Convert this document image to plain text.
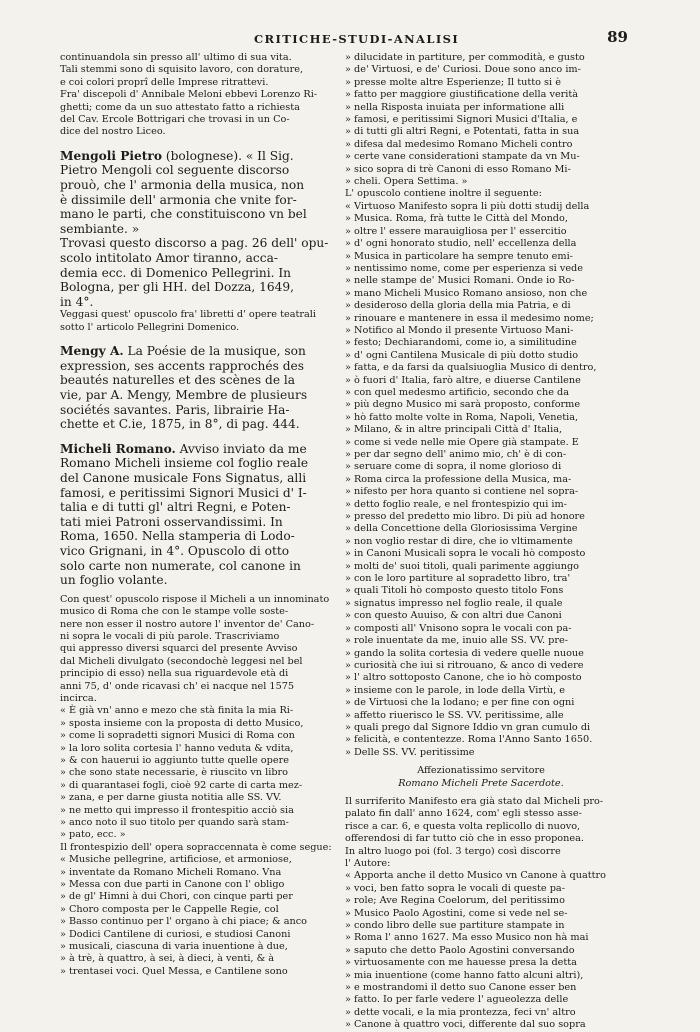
CRITICHE-STUDI-ANALISI	89

continuandola sin presso all' ultimo di sua vita.
Tali stemmi sono di squisito lavoro, con dorature,
e coi colori proprî delle Imprese ritrattevi.

Fra' discepoli d' Annibale Meloni ebbevi Lorenzo Ri-
ghetti; come da un suo attestato fatto a richiesta
del Cav. Ercole Bottrigari che trovasi in un Co-
dice del nostro Liceo.

Mengoli Pietro (bolognese). « Il Sig.
Pietro Mengoli col seguente discorso
prouò, che l' armonia della musica, non
è dissimile dell' armonia che vnite for-
mano le parti, che constituiscono vn bel
sembiante. »

Trovasi questo discorso a pag. 26 dell' opu-
scolo intitolato Amor tiranno, acca-
demia ecc. di Domenico Pellegrini. In
Bologna, per gli HH. del Dozza, 1649,
in 4°.

Veggasi quest' opuscolo fra' libretti d' opere teatrali
sotto l' articolo Pellegrini Domenico.

Mengy A. La Poésie de la musique, son
expression, ses accents rapprochés des
beautés naturelles et des scènes de la
vie, par A. Mengy, Membre de plusieurs
sociétés savantes. Paris, librairie Ha-
chette et C.ie, 1875, in 8°, di pag. 444.

Micheli Romano. Avviso inviato da me
Romano Micheli insieme col foglio reale
del Canone musicale Fons Signatus, alli
famosi, e peritissimi Signori Musici d' I-
talia e di tutti gl' altri Regni, e Poten-
tati miei Patroni osservandissimi. In
Roma, 1650. Nella stamperia di Lodo-
vico Grignani, in 4°. Opuscolo di otto
solo carte non numerate, col canone in
un foglio volante.

Con quest' opuscolo rispose il Micheli a un innominato
musico di Roma che con le stampe volle soste-
nere non esser il nostro autore l' inventor de' Cano-
ni sopra le vocali di più parole. Trascriviamo
qui appresso diversi squarci del presente Avviso
dal Micheli divulgato (secondochè leggesi nel bel
principio di esso) nella sua riguardevole età di
anni 75, d' onde ricavasi ch' ei nacque nel 1575
incirca.

« È già vn' anno e mezo che stà finita la mia Ri-
» sposta insieme con la proposta di detto Musico,
» come li sopradetti signori Musici di Roma con
» la loro solita cortesia l' hanno veduta & vdita,
» & con hauerui io aggiunto tutte quelle opere
» che sono state necessarie, è riuscito vn libro
» di quarantasei fogli, cioè 92 carte di carta mez-
» zana, e per darne giusta notitia alle SS. VV.
» ne metto qui impresso il frontespitio acciò sia
» anco noto il suo titolo per quando sarà stam-
» pato, ecc. »

Il frontespizio dell' opera sopraccennata è come segue:
« Musiche pellegrine, artificiose, et armoniose,
» inventate da Romano Micheli Romano. Vna
» Messa con due parti in Canone con l' obligo
» de gl' Himni à dui Chori, con cinque parti per
» Choro composta per le Cappelle Regie, col
» Basso continuo per l' organo à chi piace; & anco
» Dodici Cantilene di curiosi, e studiosi Canoni
» musicali, ciascuna di varia inuentione à due,
» à trè, à quattro, à sei, à dieci, à venti, & à
» trentasei voci. Quel Messa, e Cantilene sono

» dilucidate in partiture, per commodità, e gusto
» de' Virtuosi, e de' Curiosi. Doue sono anco im-
» presse molte altre Esperienze; Il tutto si è
» fatto per maggiore giustificatione della verità
» nella Risposta inuiata per informatione alli
» famosi, e peritissimi Signori Musici d'Italia, e
» di tutti gli altri Regni, e Potentati, fatta in sua
» difesa dal medesimo Romano Micheli contro
» certe vane considerationi stampate da vn Mu-
» sico sopra di trè Canoni di esso Romano Mi-
» cheli. Opera Settima. »

L' opuscolo contiene inoltre il seguente:

« Virtuoso Manifesto sopra li più dotti studij della
» Musica. Roma, frà tutte le Città del Mondo,
» oltre l' essere marauigliosa per l' essercitio
» d' ogni honorato studio, nell' eccellenza della
» Musica in particolare ha sempre tenuto emi-
» nentissimo nome, come per esperienza si vede
» nelle stampe de' Musici Romani. Onde io Ro-
» mano Micheli Musico Romano ansioso, non che
» desideroso della gloria della mia Patria, e di
» rinouare e mantenere in essa il medesimo nome;
» Notifico al Mondo il presente Virtuoso Mani-
» festo; Dechiarandomi, come io, a similitudine
» d' ogni Cantilena Musicale di più dotto studio
» fatta, e da farsi da qualsiuoglia Musico di dentro,
» ò fuori d' Italia, farò altre, e diuerse Cantilene
» con quel medesmo artificio, secondo che da
» più degno Musico mi sarà proposto, conforme
» hò fatto molte volte in Roma, Napoli, Venetia,
» Milano, & in altre principali Città d' Italia,
» come si vede nelle mie Opere già stampate. E
» per dar segno dell' animo mio, ch' è di con-
» seruare come di sopra, il nome glorioso di
» Roma circa la professione della Musica, ma-
» nifesto per hora quanto si contiene nel sopra-
» detto foglio reale, e nel frontespizio qui im-
» presso del predetto mio libro. Di più ad honore
» della Concettione della Gloriosissima Vergine
» non voglio restar di dire, che io vltimamente
» in Canoni Musicali sopra le vocali hò composto
» molti de' suoi titoli, quali parimente aggiungo
» con le loro partiture al sopradetto libro, tra'
» quali Titoli hò composto questo titolo Fons
» signatus impresso nel foglio reale, il quale
» con questo Auuiso, & con altri due Canoni
» composti all' Vnisono sopra le vocali con pa-
» role inuentate da me, inuio alle SS. VV. pre-
» gando la solita cortesia di vedere quelle nuoue
» curiosità che iui si ritrouano, & anco di vedere
» l' altro sottoposto Canone, che io hò composto
» insieme con le parole, in lode della Virtù, e
» de Virtuosi che la lodano; e per fine con ogni
» affetto riuerisco le SS. VV. peritissime, alle
» quali prego dal Signore Iddio vn gran cumulo di
» felicità, e contentezze. Roma l'Anno Santo 1650.
» Delle SS. VV. peritissime

Affezionatissimo servitore

Romano Micheli Prete Sacerdote.

Il surriferito Manifesto era già stato dal Micheli pro-
palato fin dall' anno 1624, com' egli stesso asse-
risce a car. 6, e questa volta replicollo di nuovo,
offerendosi di far tutto ciò che in esso proponea.
In altro luogo poi (fol. 3 tergo) così discorre
l' Autore:

« Apporta anche il detto Musico vn Canone à quattro
» voci, ben fatto sopra le vocali di queste pa-
» role; Ave Regina Coelorum, del peritissimo
» Musico Paolo Agostini, come si vede nel se-
» condo libro delle sue partiture stampate in
» Roma l' anno 1627. Ma esso Musico non hà mai
» saputo che detto Paolo Agostini conversando
» virtuosamente con me hauesse presa la detta
» mia inuentione (come hanno fatto alcuni altri),
» e mostrandomi il detto suo Canone esser ben
» fatto. Io per farle vedere l' agueolezza delle
» dette vocali, e la mia prontezza, feci vn' altro
» Canone à quattro voci, differente dal suo sopra
